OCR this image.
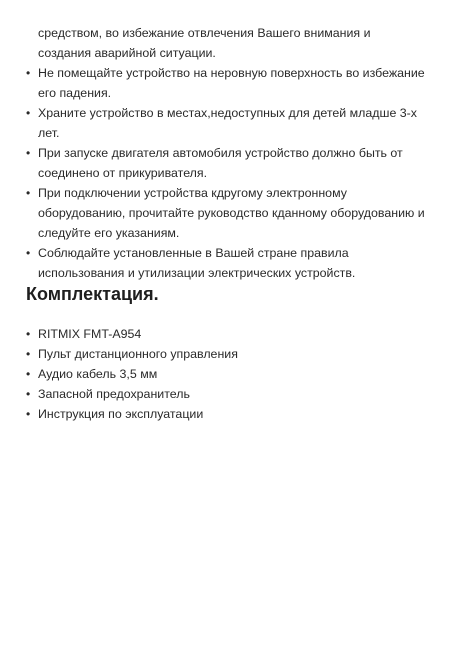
средством, во избежание отвлечения Вашего внимания и создания аварийной ситуации.

• Не помещайте устройство на неровную поверхность во избежание его падения.
• Храните устройство в местах,недоступных для детей младше 3-х лет.
• При запуске двигателя автомобиля устройство должно быть от соединено от прикуривателя.
• При подключении устройства кдругому электронному оборудованию, прочитайте руководство кданному оборудованию и следуйте его указаниям.
• Соблюдайте установленные в Вашей стране правила использования и утилизации электрических устройств.
Комплектация.
• RITMIX FMT-A954
• Пульт дистанционного управления
• Аудио кабель 3,5 мм
• Запасной предохранитель
• Инструкция по эксплуатации
